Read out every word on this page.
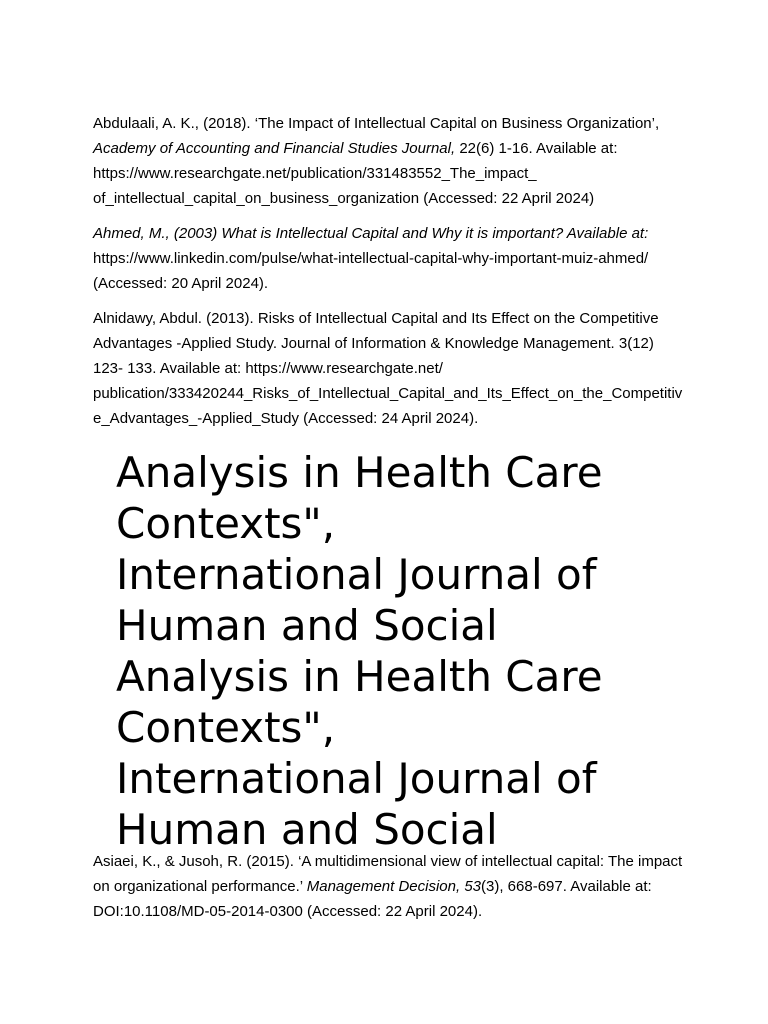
Abdulaali, A. K., (2018). ‘The Impact of Intellectual Capital on Business Organization’, Academy of Accounting and Financial Studies Journal, 22(6) 1-16. Available at: https://www.researchgate.net/publication/331483552_The_impact_ of_intellectual_capital_on_business_organization (Accessed: 22 April 2024)

Ahmed, M., (2003) What is Intellectual Capital and Why it is important? Available at: https://www.linkedin.com/pulse/what-intellectual-capital-why-important-muiz-ahmed/ (Accessed: 20 April 2024).

Alnidawy, Abdul. (2013). Risks of Intellectual Capital and Its Effect on the Competitive Advantages -Applied Study. Journal of Information & Knowledge Management. 3(12) 123- 133. Available at: https://www.researchgate.net/ publication/333420244_Risks_of_Intellectual_Capital_and_Its_Effect_on_the_Competitive_Advantages_-Applied_Study (Accessed: 24 April 2024).

Analysis in Health Care
Contexts",
International Journal of
Human and Social
Analysis in Health Care
Contexts",
International Journal of
Human and Social

Asiaei, K., & Jusoh, R. (2015). ‘A multidimensional view of intellectual capital: The impact on organizational performance.’ Management Decision, 53(3), 668-697. Available at: DOI:10.1108/MD-05-2014-0300 (Accessed: 22 April 2024).
